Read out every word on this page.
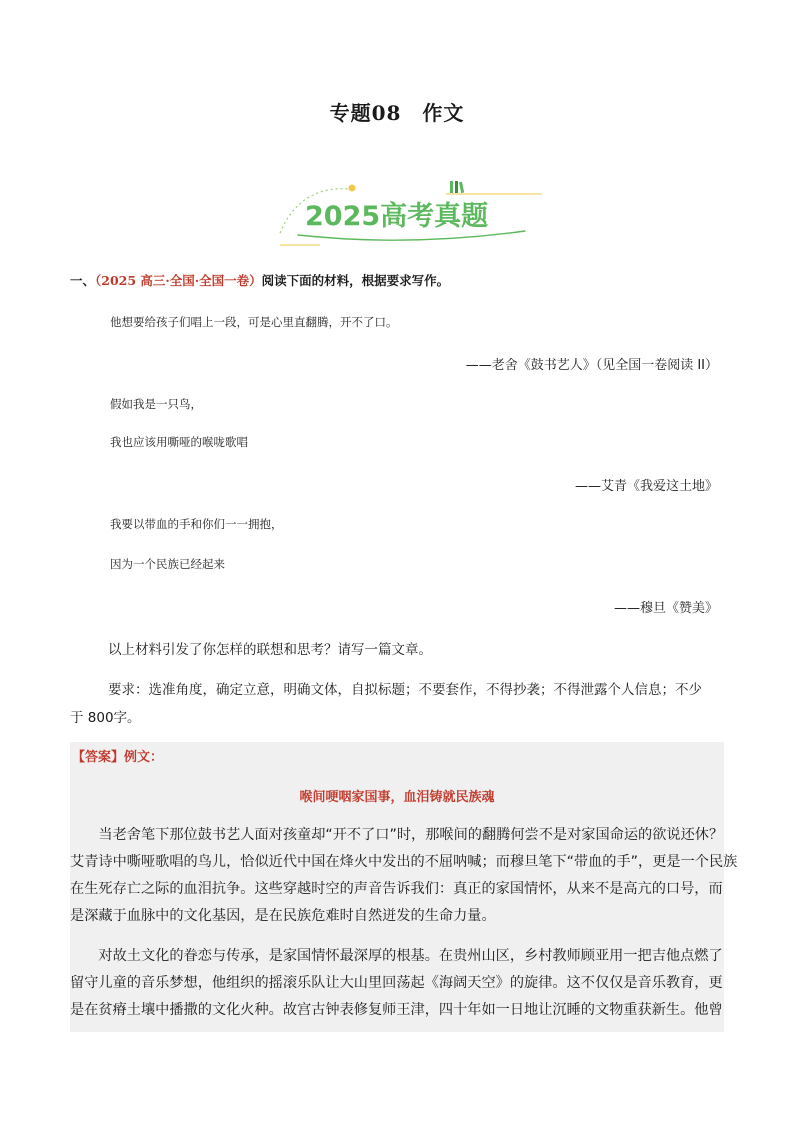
专题08　作文
2025高考真题
一、（2025 高三·全国·全国一卷）阅读下面的材料，根据要求写作。
他想要给孩子们唱上一段，可是心里直翻腾，开不了口。
——老舍《鼓书艺人》（见全国一卷阅读 II）
假如我是一只鸟，
我也应该用嘶哑的喉咙歌唱
——艾青《我爱这土地》
我要以带血的手和你们一一拥抱，
因为一个民族已经起来
——穆旦《赞美》
以上材料引发了你怎样的联想和思考？请写一篇文章。
要求：选准角度，确定立意，明确文体，自拟标题；不要套作，不得抄袭；不得泄露个人信息；不少
于 800字。
【答案】例文：
喉间哽咽家国事，血泪铸就民族魂
　　当老舍笔下那位鼓书艺人面对孩童却“开不了口”时，那喉间的翻腾何尝不是对家国命运的欲说还休？
艾青诗中嘶哑歌唱的鸟儿，恰似近代中国在烽火中发出的不屈呐喊；而穆旦笔下“带血的手”，更是一个民族
在生死存亡之际的血泪抗争。这些穿越时空的声音告诉我们：真正的家国情怀，从来不是高亢的口号，而
是深藏于血脉中的文化基因，是在民族危难时自然迸发的生命力量。
　　对故土文化的眷恋与传承，是家国情怀最深厚的根基。在贵州山区，乡村教师顾亚用一把吉他点燃了
留守儿童的音乐梦想，他组织的摇滚乐队让大山里回荡起《海阔天空》的旋律。这不仅仅是音乐教育，更
是在贫瘠土壤中播撒的文化火种。故宫古钟表修复师王津，四十年如一日地让沉睡的文物重获新生。他曾
